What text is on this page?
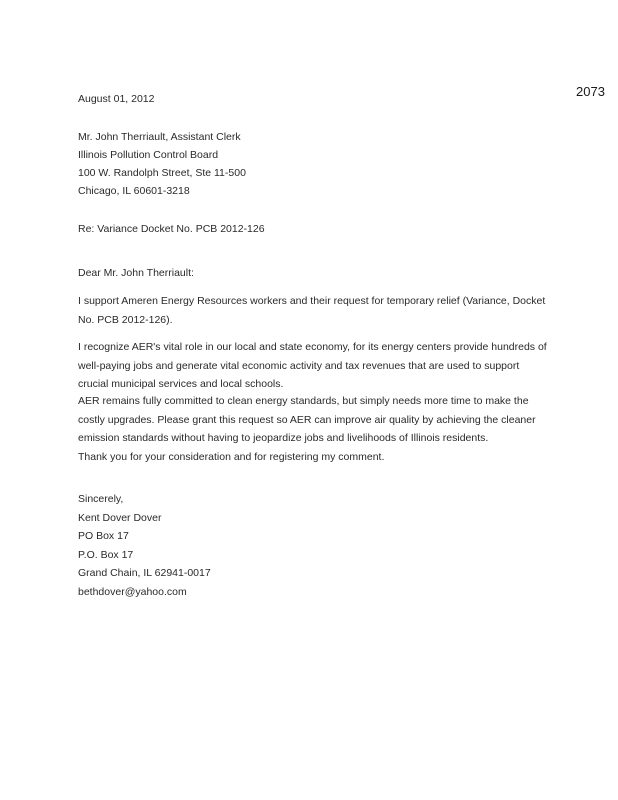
2073
August 01, 2012
Mr. John Therriault, Assistant Clerk
Illinois Pollution Control Board
100 W. Randolph Street, Ste 11-500
Chicago, IL 60601-3218
Re: Variance Docket No. PCB 2012-126
Dear Mr. John Therriault:
I support Ameren Energy Resources workers and their request for temporary relief (Variance, Docket No. PCB 2012-126).
I recognize AER's vital role in our local and state economy, for its energy centers provide hundreds of well-paying jobs and generate vital economic activity and tax revenues that are used to support crucial municipal services and local schools.
AER remains fully committed to clean energy standards, but simply needs more time to make the costly upgrades. Please grant this request so AER can improve air quality by achieving the cleaner emission standards without having to jeopardize jobs and livelihoods of Illinois residents.
Thank you for your consideration and for registering my comment.
Sincerely,
Kent Dover Dover
PO Box 17
P.O. Box 17
Grand Chain, IL 62941-0017
bethdover@yahoo.com
